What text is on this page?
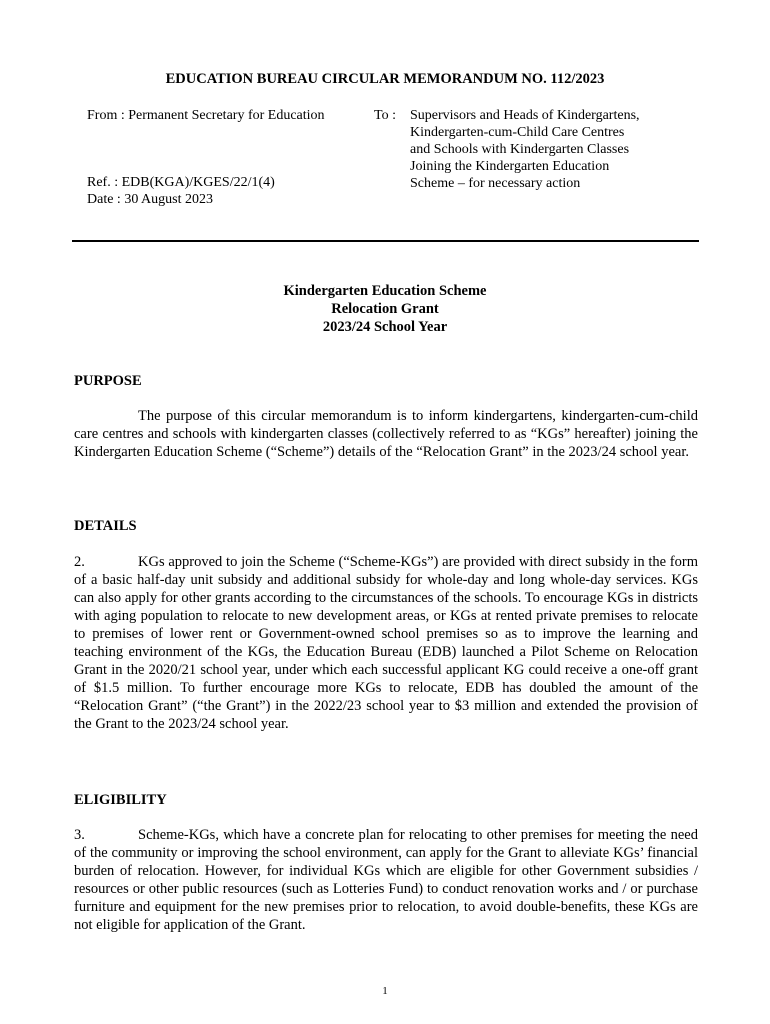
EDUCATION BUREAU CIRCULAR MEMORANDUM NO. 112/2023
From : Permanent Secretary for Education	To : Supervisors and Heads of Kindergartens,
Kindergarten-cum-Child Care Centres
and Schools with Kindergarten Classes
Joining the Kindergarten Education
Scheme – for necessary action
Ref. : EDB(KGA)/KGES/22/1(4)
Date : 30 August 2023
Kindergarten Education Scheme
Relocation Grant
2023/24 School Year
PURPOSE
The purpose of this circular memorandum is to inform kindergartens, kindergarten-cum-child care centres and schools with kindergarten classes (collectively referred to as “KGs” hereafter) joining the Kindergarten Education Scheme (“Scheme”) details of the “Relocation Grant” in the 2023/24 school year.
DETAILS
2.	KGs approved to join the Scheme (“Scheme-KGs”) are provided with direct subsidy in the form of a basic half-day unit subsidy and additional subsidy for whole-day and long whole-day services. KGs can also apply for other grants according to the circumstances of the schools. To encourage KGs in districts with aging population to relocate to new development areas, or KGs at rented private premises to relocate to premises of lower rent or Government-owned school premises so as to improve the learning and teaching environment of the KGs, the Education Bureau (EDB) launched a Pilot Scheme on Relocation Grant in the 2020/21 school year, under which each successful applicant KG could receive a one-off grant of $1.5 million. To further encourage more KGs to relocate, EDB has doubled the amount of the “Relocation Grant” (“the Grant”) in the 2022/23 school year to $3 million and extended the provision of the Grant to the 2023/24 school year.
ELIGIBILITY
3.	Scheme-KGs, which have a concrete plan for relocating to other premises for meeting the need of the community or improving the school environment, can apply for the Grant to alleviate KGs’ financial burden of relocation. However, for individual KGs which are eligible for other Government subsidies / resources or other public resources (such as Lotteries Fund) to conduct renovation works and / or purchase furniture and equipment for the new premises prior to relocation, to avoid double-benefits, these KGs are not eligible for application of the Grant.
1
